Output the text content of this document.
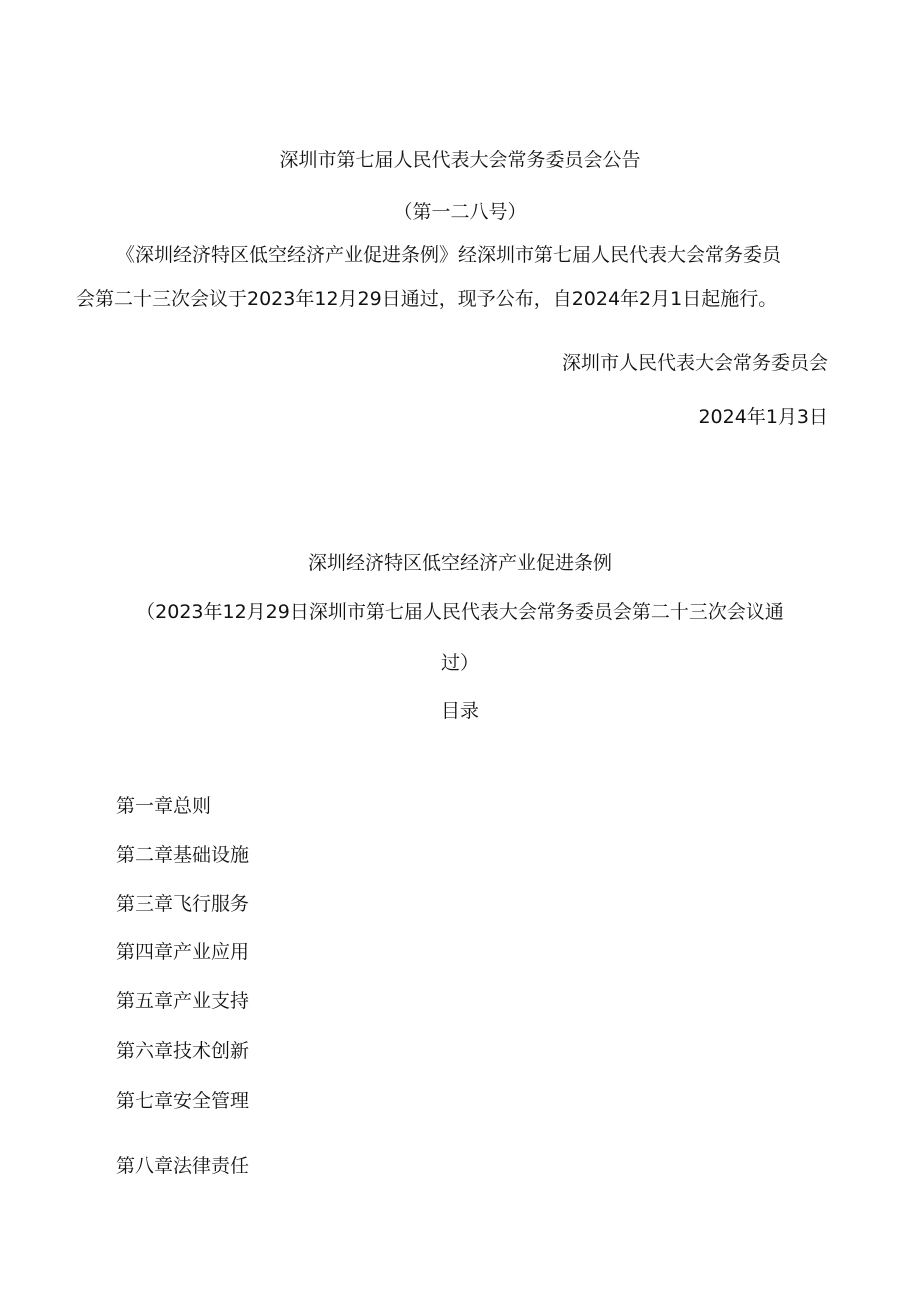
深圳市第七届人民代表大会常务委员会公告
（第一二八号）
《深圳经济特区低空经济产业促进条例》经深圳市第七届人民代表大会常务委员
会第二十三次会议于2023年12月29日通过，现予公布，自2024年2月1日起施行。
深圳市人民代表大会常务委员会
2024年1月3日
深圳经济特区低空经济产业促进条例
（2023年12月29日深圳市第七届人民代表大会常务委员会第二十三次会议通
过）
目录
第一章总则
第二章基础设施
第三章飞行服务
第四章产业应用
第五章产业支持
第六章技术创新
第七章安全管理
第八章法律责任
